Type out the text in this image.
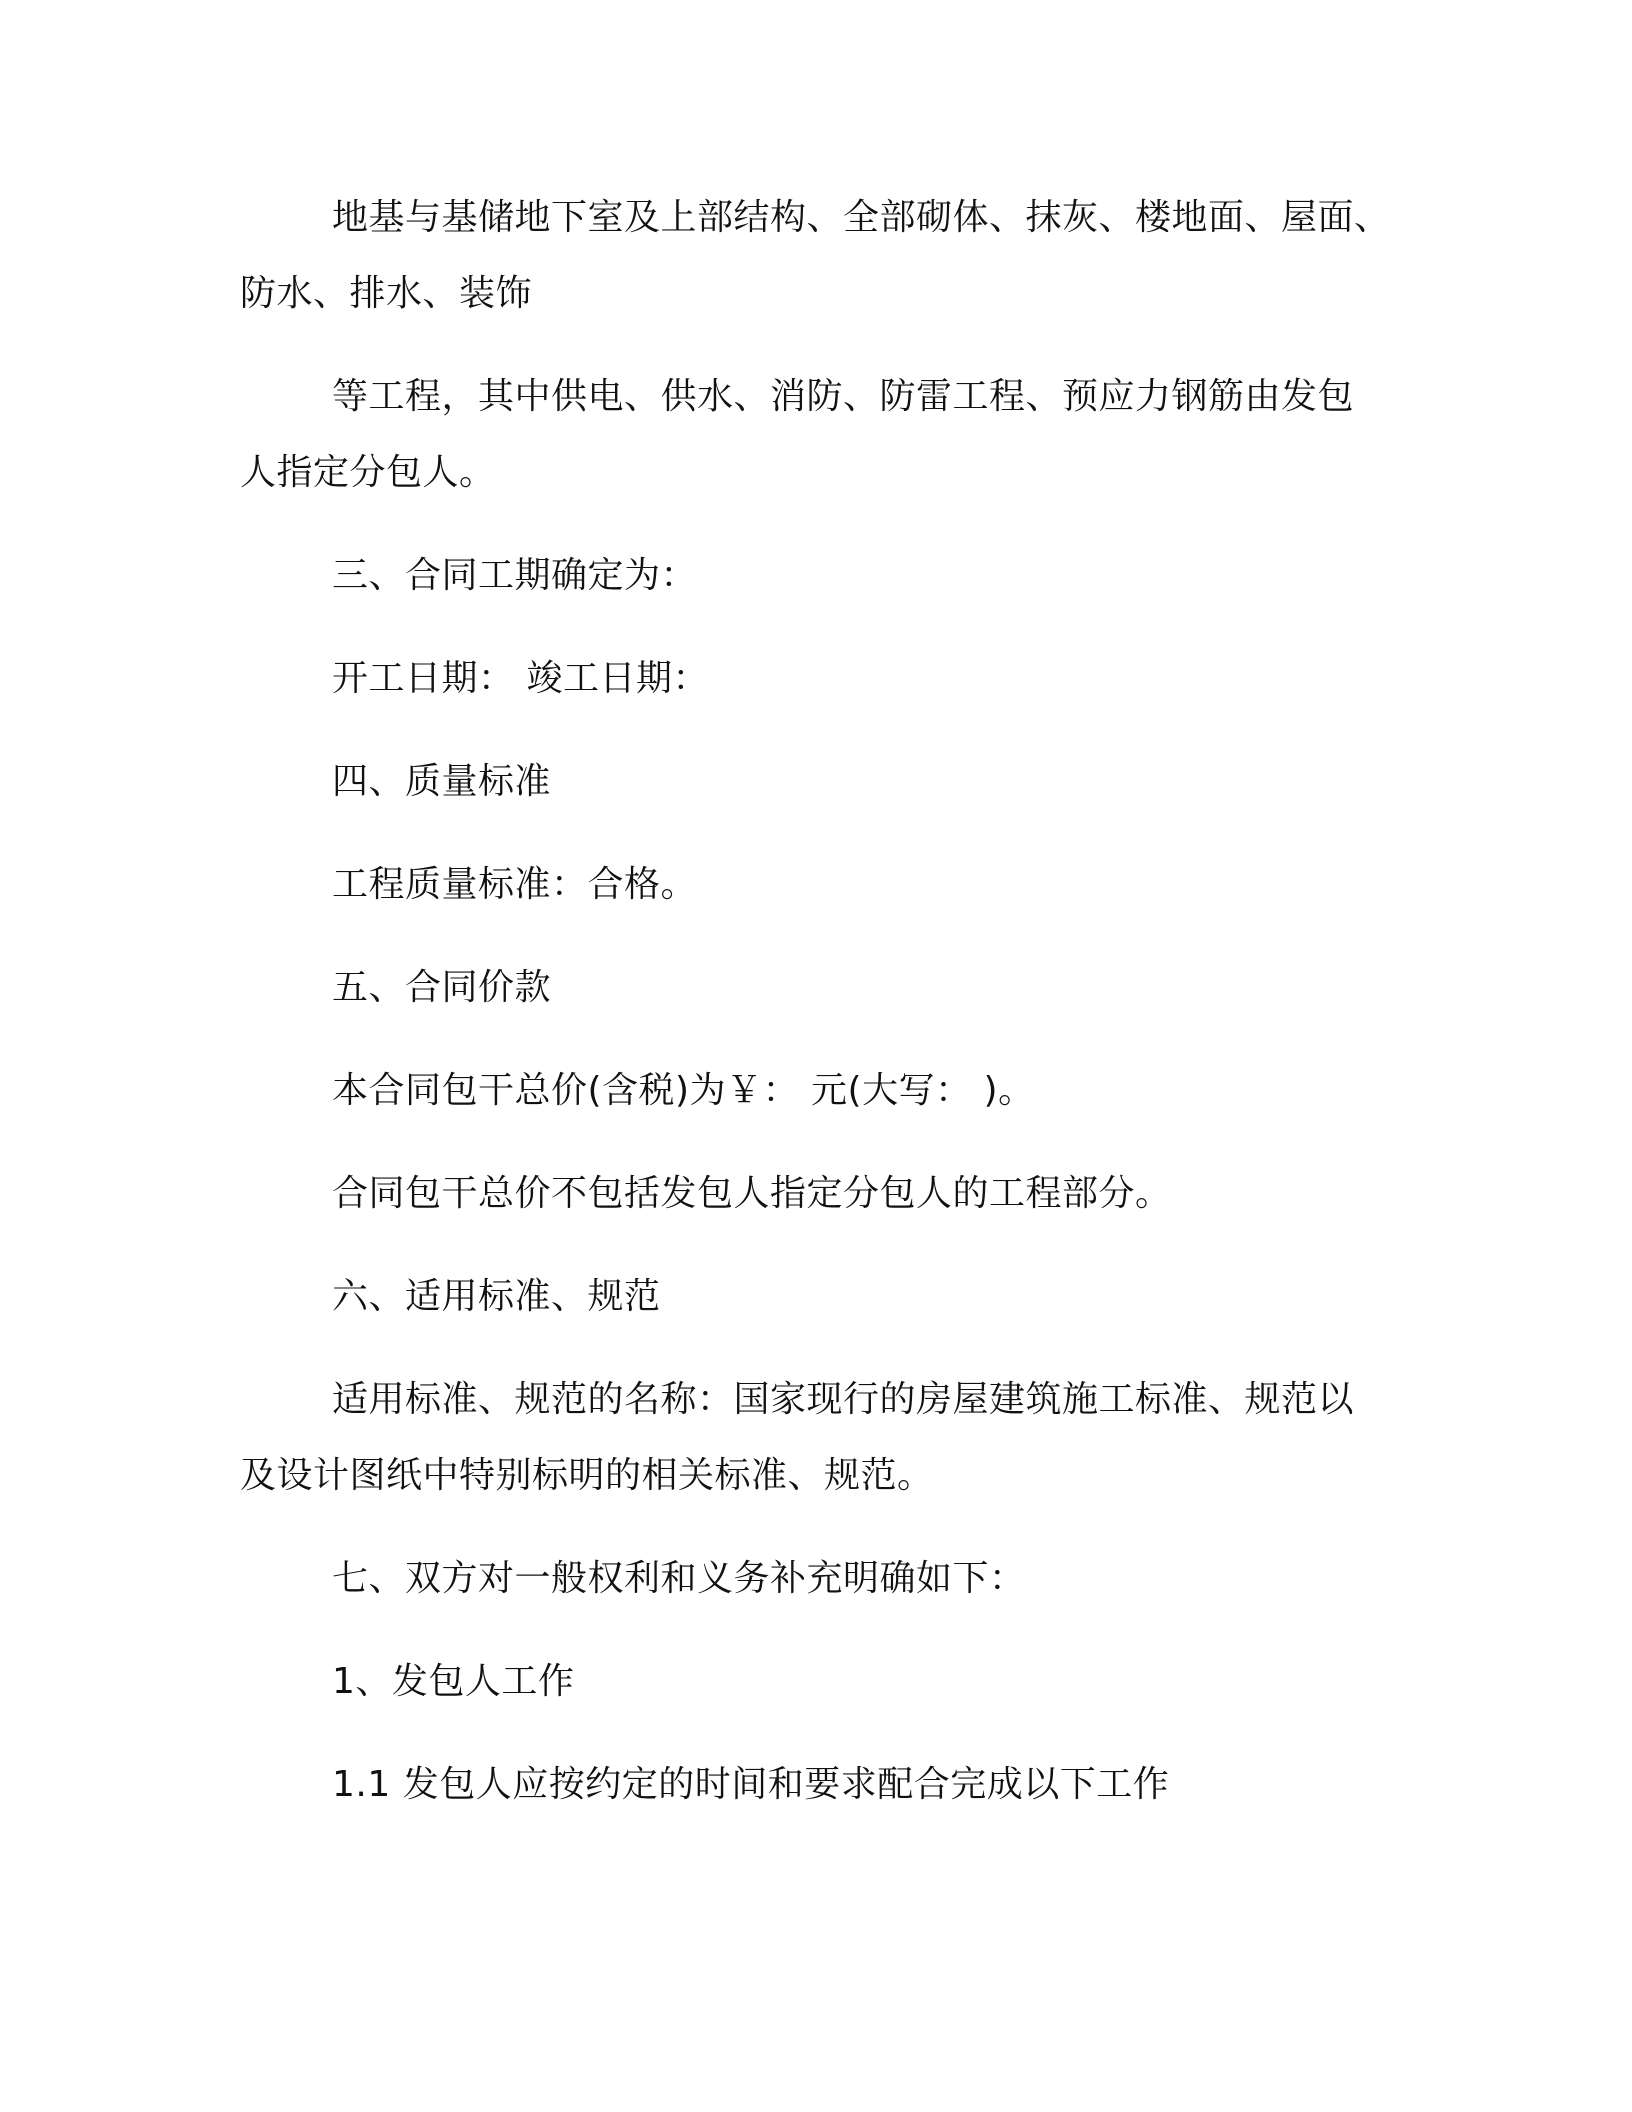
地基与基储地下室及上部结构、全部砌体、抹灰、楼地面、屋面、
防水、排水、装饰
等工程，其中供电、供水、消防、防雷工程、预应力钢筋由发包
人指定分包人。
三、合同工期确定为：
开工日期： 竣工日期：
四、质量标准
工程质量标准：合格。
五、合同价款
本合同包干总价(含税)为￥： 元(大写： )。
合同包干总价不包括发包人指定分包人的工程部分。
六、适用标准、规范
适用标准、规范的名称：国家现行的房屋建筑施工标准、规范以
及设计图纸中特别标明的相关标准、规范。
七、双方对一般权利和义务补充明确如下：
1、发包人工作
1.1 发包人应按约定的时间和要求配合完成以下工作
